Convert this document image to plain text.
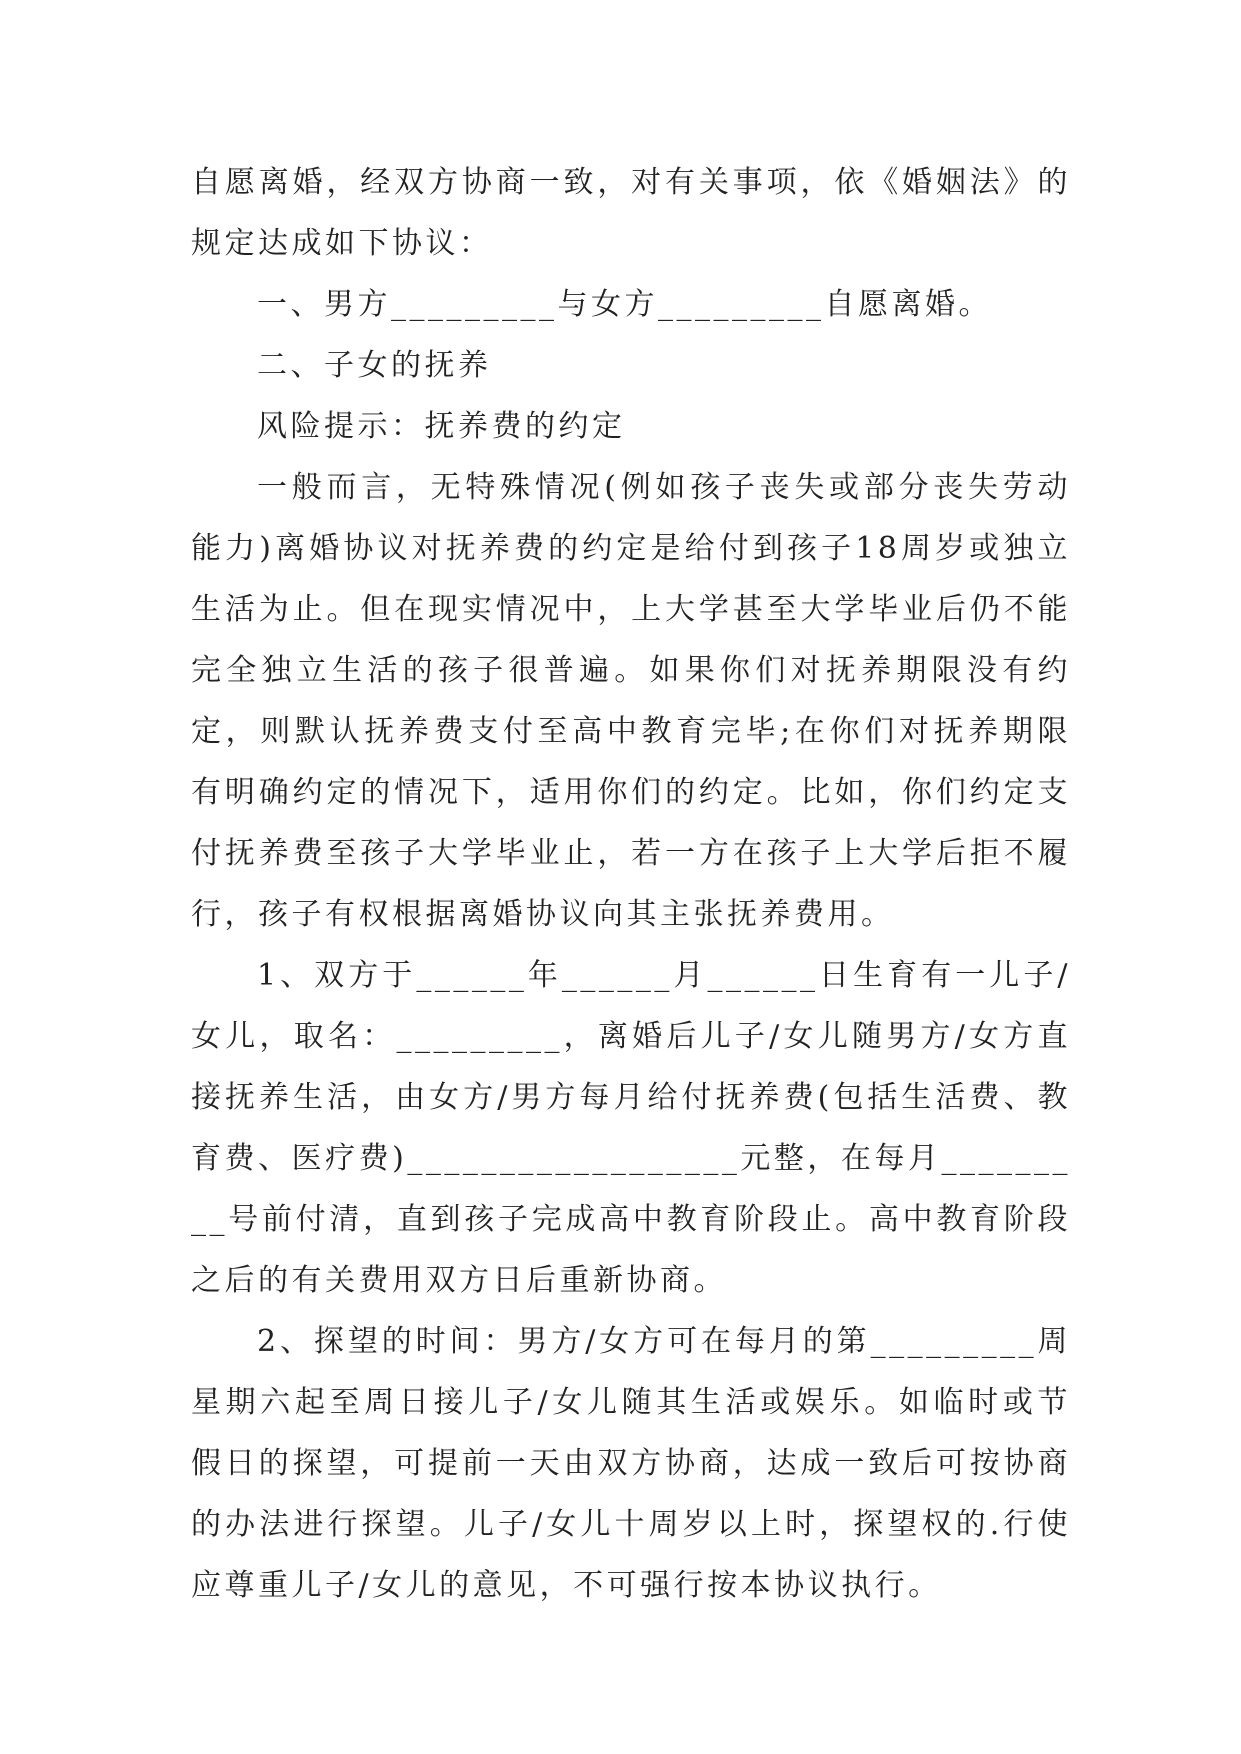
自愿离婚，经双方协商一致，对有关事项，依《婚姻法》的规定达成如下协议：

一、男方_________与女方_________自愿离婚。

二、子女的抚养

风险提示：抚养费的约定

一般而言，无特殊情况(例如孩子丧失或部分丧失劳动能力)离婚协议对抚养费的约定是给付到孩子18周岁或独立生活为止。但在现实情况中，上大学甚至大学毕业后仍不能完全独立生活的孩子很普遍。如果你们对抚养期限没有约定，则默认抚养费支付至高中教育完毕;在你们对抚养期限有明确约定的情况下，适用你们的约定。比如，你们约定支付抚养费至孩子大学毕业止，若一方在孩子上大学后拒不履行，孩子有权根据离婚协议向其主张抚养费用。

1、双方于______年______月______日生育有一儿子/女儿，取名：_________，离婚后儿子/女儿随男方/女方直接抚养生活，由女方/男方每月给付抚养费(包括生活费、教育费、医疗费)__________________元整，在每月_________号前付清，直到孩子完成高中教育阶段止。高中教育阶段之后的有关费用双方日后重新协商。

2、探望的时间：男方/女方可在每月的第_________周星期六起至周日接儿子/女儿随其生活或娱乐。如临时或节假日的探望，可提前一天由双方协商，达成一致后可按协商的办法进行探望。儿子/女儿十周岁以上时，探望权的.行使应尊重儿子/女儿的意见，不可强行按本协议执行。
